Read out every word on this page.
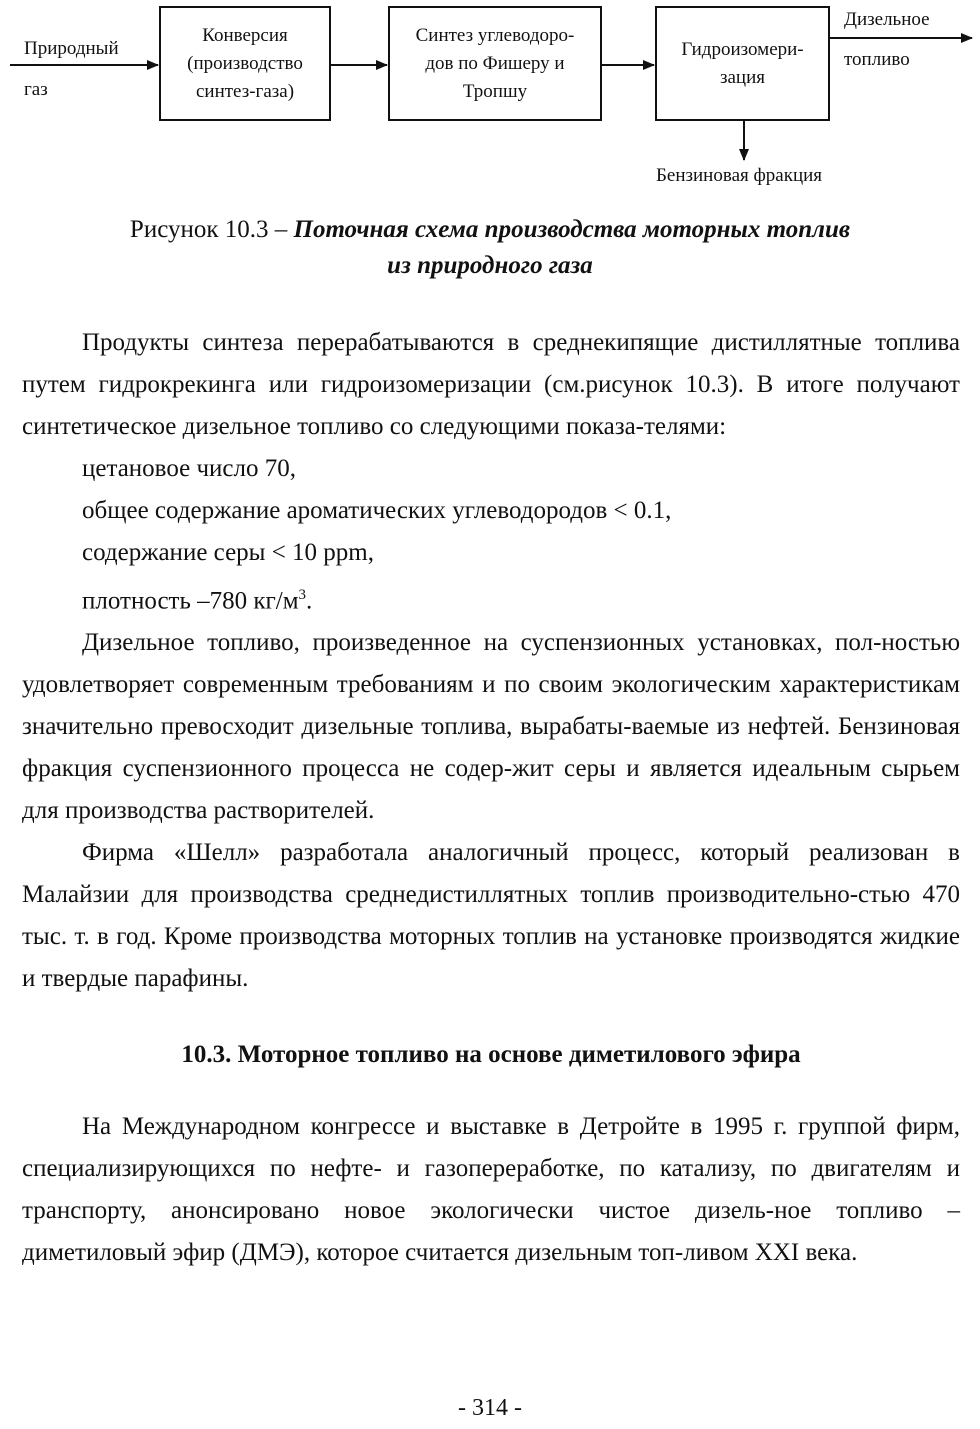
Природный
газ
Конверсия
(производство
синтез-газа)
Синтез углеводоро-
дов по Фишеру и
Тропшу
Гидроизомери-
зация
Дизельное
топливо
Бензиновая фракция
Рисунок 10.3 – Поточная схема производства моторных топлив
из природного газа

Продукты синтеза перерабатываются в среднекипящие дистиллятные топлива путем гидрокрекинга или гидроизомеризации (см.рисунок 10.3). В итоге получают синтетическое дизельное топливо со следующими показа-телями:

цетановое число 70,

общее содержание ароматических углеводородов < 0.1,

содержание серы < 10 ppm,

плотность –780 $кг/м^3$.

Дизельное топливо, произведенное на суспензионных установках, пол-ностью удовлетворяет современным требованиям и по своим экологическим характеристикам значительно превосходит дизельные топлива, вырабаты-ваемые из нефтей. Бензиновая фракция суспензионного процесса не содер-жит серы и является идеальным сырьем для производства растворителей.

Фирма «Шелл» разработала аналогичный процесс, который реализован в Малайзии для производства среднедистиллятных топлив производительно-стью 470 тыс. т. в год. Кроме производства моторных топлив на установке производятся жидкие и твердые парафины.

10.3. Моторное топливо на основе диметилового эфира

На Международном конгрессе и выставке в Детройте в 1995 г. группой фирм, специализирующихся по нефте- и газопереработке, по катализу, по двигателям и транспорту, анонсировано новое экологически чистое дизель-ное топливо – диметиловый эфир (ДМЭ), которое считается дизельным топ-ливом XXI века.

- 314 -
